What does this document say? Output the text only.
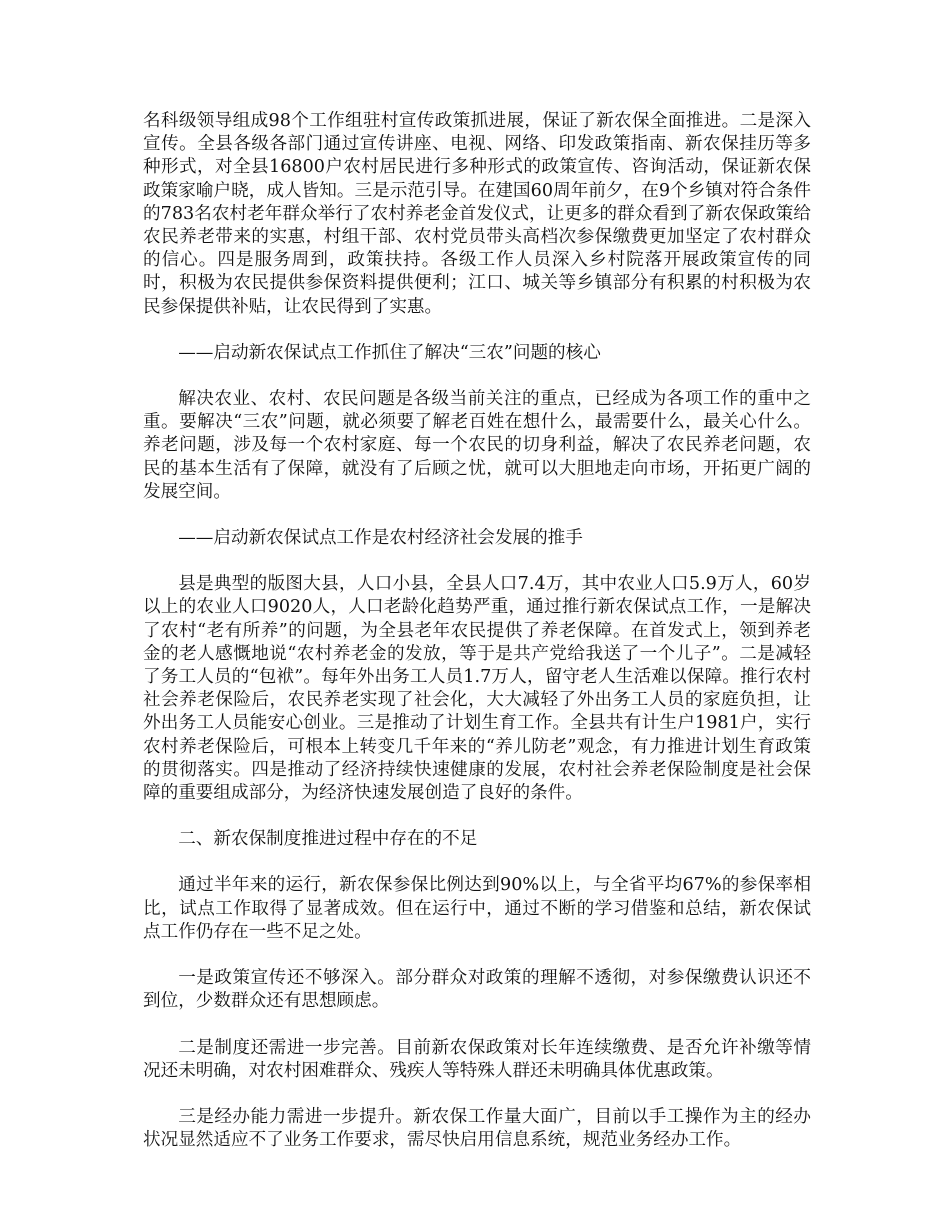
名科级领导组成98个工作组驻村宣传政策抓进展，保证了新农保全面推进。二是深入宣传。全县各级各部门通过宣传讲座、电视、网络、印发政策指南、新农保挂历等多种形式，对全县16800户农村居民进行多种形式的政策宣传、咨询活动，保证新农保政策家喻户晓，成人皆知。三是示范引导。在建国60周年前夕，在9个乡镇对符合条件的783名农村老年群众举行了农村养老金首发仪式，让更多的群众看到了新农保政策给农民养老带来的实惠，村组干部、农村党员带头高档次参保缴费更加坚定了农村群众的信心。四是服务周到，政策扶持。各级工作人员深入乡村院落开展政策宣传的同时，积极为农民提供参保资料提供便利；江口、城关等乡镇部分有积累的村积极为农民参保提供补贴，让农民得到了实惠。

——启动新农保试点工作抓住了解决“三农”问题的核心

解决农业、农村、农民问题是各级当前关注的重点，已经成为各项工作的重中之重。要解决“三农”问题，就必须要了解老百姓在想什么，最需要什么，最关心什么。养老问题，涉及每一个农村家庭、每一个农民的切身利益，解决了农民养老问题，农民的基本生活有了保障，就没有了后顾之忧，就可以大胆地走向市场，开拓更广阔的发展空间。

——启动新农保试点工作是农村经济社会发展的推手

县是典型的版图大县，人口小县，全县人口7.4万，其中农业人口5.9万人，60岁以上的农业人口9020人，人口老龄化趋势严重，通过推行新农保试点工作，一是解决了农村“老有所养”的问题，为全县老年农民提供了养老保障。在首发式上，领到养老金的老人感慨地说“农村养老金的发放，等于是共产党给我送了一个儿子”。二是减轻了务工人员的“包袱”。每年外出务工人员1.7万人，留守老人生活难以保障。推行农村社会养老保险后，农民养老实现了社会化，大大减轻了外出务工人员的家庭负担，让外出务工人员能安心创业。三是推动了计划生育工作。全县共有计生户1981户，实行农村养老保险后，可根本上转变几千年来的“养儿防老”观念，有力推进计划生育政策的贯彻落实。四是推动了经济持续快速健康的发展，农村社会养老保险制度是社会保障的重要组成部分，为经济快速发展创造了良好的条件。

二、新农保制度推进过程中存在的不足

通过半年来的运行，新农保参保比例达到90%以上，与全省平均67%的参保率相比，试点工作取得了显著成效。但在运行中，通过不断的学习借鉴和总结，新农保试点工作仍存在一些不足之处。

一是政策宣传还不够深入。部分群众对政策的理解不透彻，对参保缴费认识还不到位，少数群众还有思想顾虑。

二是制度还需进一步完善。目前新农保政策对长年连续缴费、是否允许补缴等情况还未明确，对农村困难群众、残疾人等特殊人群还未明确具体优惠政策。

三是经办能力需进一步提升。新农保工作量大面广，目前以手工操作为主的经办状况显然适应不了业务工作要求，需尽快启用信息系统，规范业务经办工作。
